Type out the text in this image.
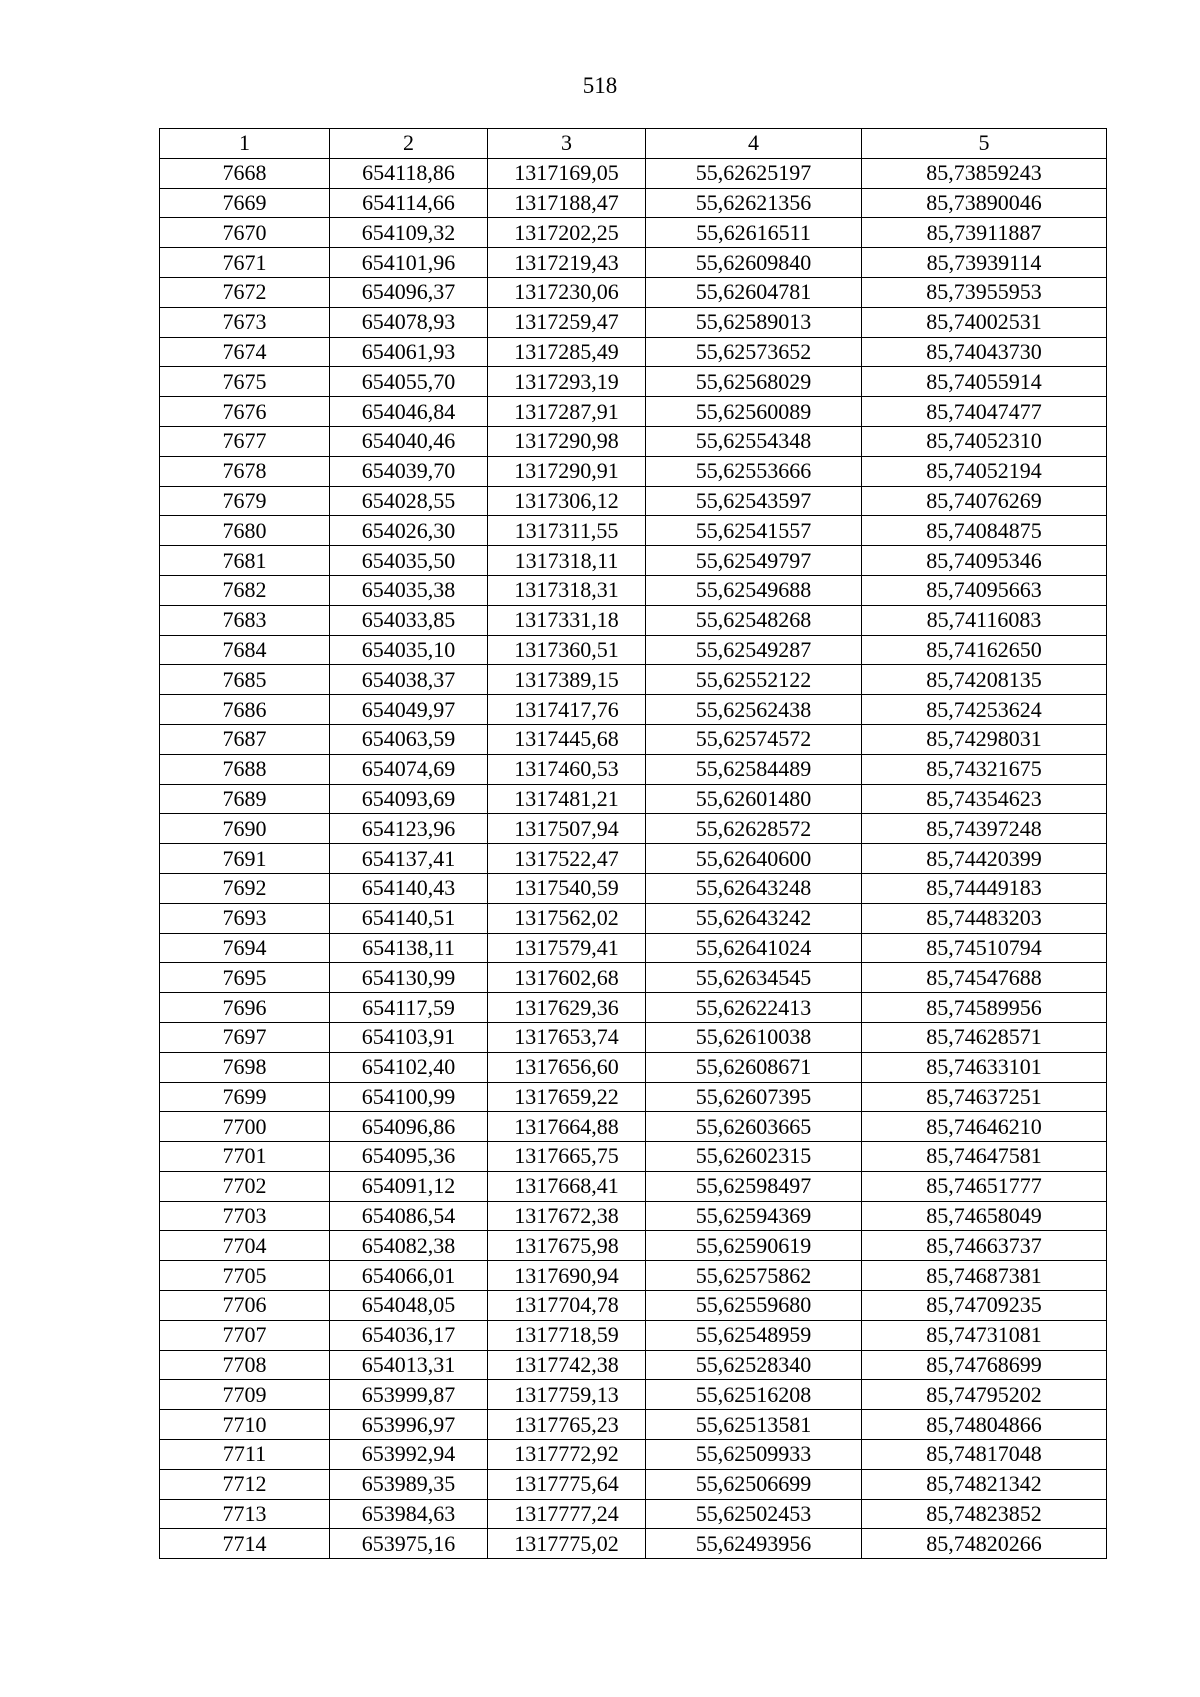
518
1	2	3	4	5
7668	654118,86	1317169,05	55,62625197	85,73859243
7669	654114,66	1317188,47	55,62621356	85,73890046
7670	654109,32	1317202,25	55,62616511	85,73911887
7671	654101,96	1317219,43	55,62609840	85,73939114
7672	654096,37	1317230,06	55,62604781	85,73955953
7673	654078,93	1317259,47	55,62589013	85,74002531
7674	654061,93	1317285,49	55,62573652	85,74043730
7675	654055,70	1317293,19	55,62568029	85,74055914
7676	654046,84	1317287,91	55,62560089	85,74047477
7677	654040,46	1317290,98	55,62554348	85,74052310
7678	654039,70	1317290,91	55,62553666	85,74052194
7679	654028,55	1317306,12	55,62543597	85,74076269
7680	654026,30	1317311,55	55,62541557	85,74084875
7681	654035,50	1317318,11	55,62549797	85,74095346
7682	654035,38	1317318,31	55,62549688	85,74095663
7683	654033,85	1317331,18	55,62548268	85,74116083
7684	654035,10	1317360,51	55,62549287	85,74162650
7685	654038,37	1317389,15	55,62552122	85,74208135
7686	654049,97	1317417,76	55,62562438	85,74253624
7687	654063,59	1317445,68	55,62574572	85,74298031
7688	654074,69	1317460,53	55,62584489	85,74321675
7689	654093,69	1317481,21	55,62601480	85,74354623
7690	654123,96	1317507,94	55,62628572	85,74397248
7691	654137,41	1317522,47	55,62640600	85,74420399
7692	654140,43	1317540,59	55,62643248	85,74449183
7693	654140,51	1317562,02	55,62643242	85,74483203
7694	654138,11	1317579,41	55,62641024	85,74510794
7695	654130,99	1317602,68	55,62634545	85,74547688
7696	654117,59	1317629,36	55,62622413	85,74589956
7697	654103,91	1317653,74	55,62610038	85,74628571
7698	654102,40	1317656,60	55,62608671	85,74633101
7699	654100,99	1317659,22	55,62607395	85,74637251
7700	654096,86	1317664,88	55,62603665	85,74646210
7701	654095,36	1317665,75	55,62602315	85,74647581
7702	654091,12	1317668,41	55,62598497	85,74651777
7703	654086,54	1317672,38	55,62594369	85,74658049
7704	654082,38	1317675,98	55,62590619	85,74663737
7705	654066,01	1317690,94	55,62575862	85,74687381
7706	654048,05	1317704,78	55,62559680	85,74709235
7707	654036,17	1317718,59	55,62548959	85,74731081
7708	654013,31	1317742,38	55,62528340	85,74768699
7709	653999,87	1317759,13	55,62516208	85,74795202
7710	653996,97	1317765,23	55,62513581	85,74804866
7711	653992,94	1317772,92	55,62509933	85,74817048
7712	653989,35	1317775,64	55,62506699	85,74821342
7713	653984,63	1317777,24	55,62502453	85,74823852
7714	653975,16	1317775,02	55,62493956	85,74820266
